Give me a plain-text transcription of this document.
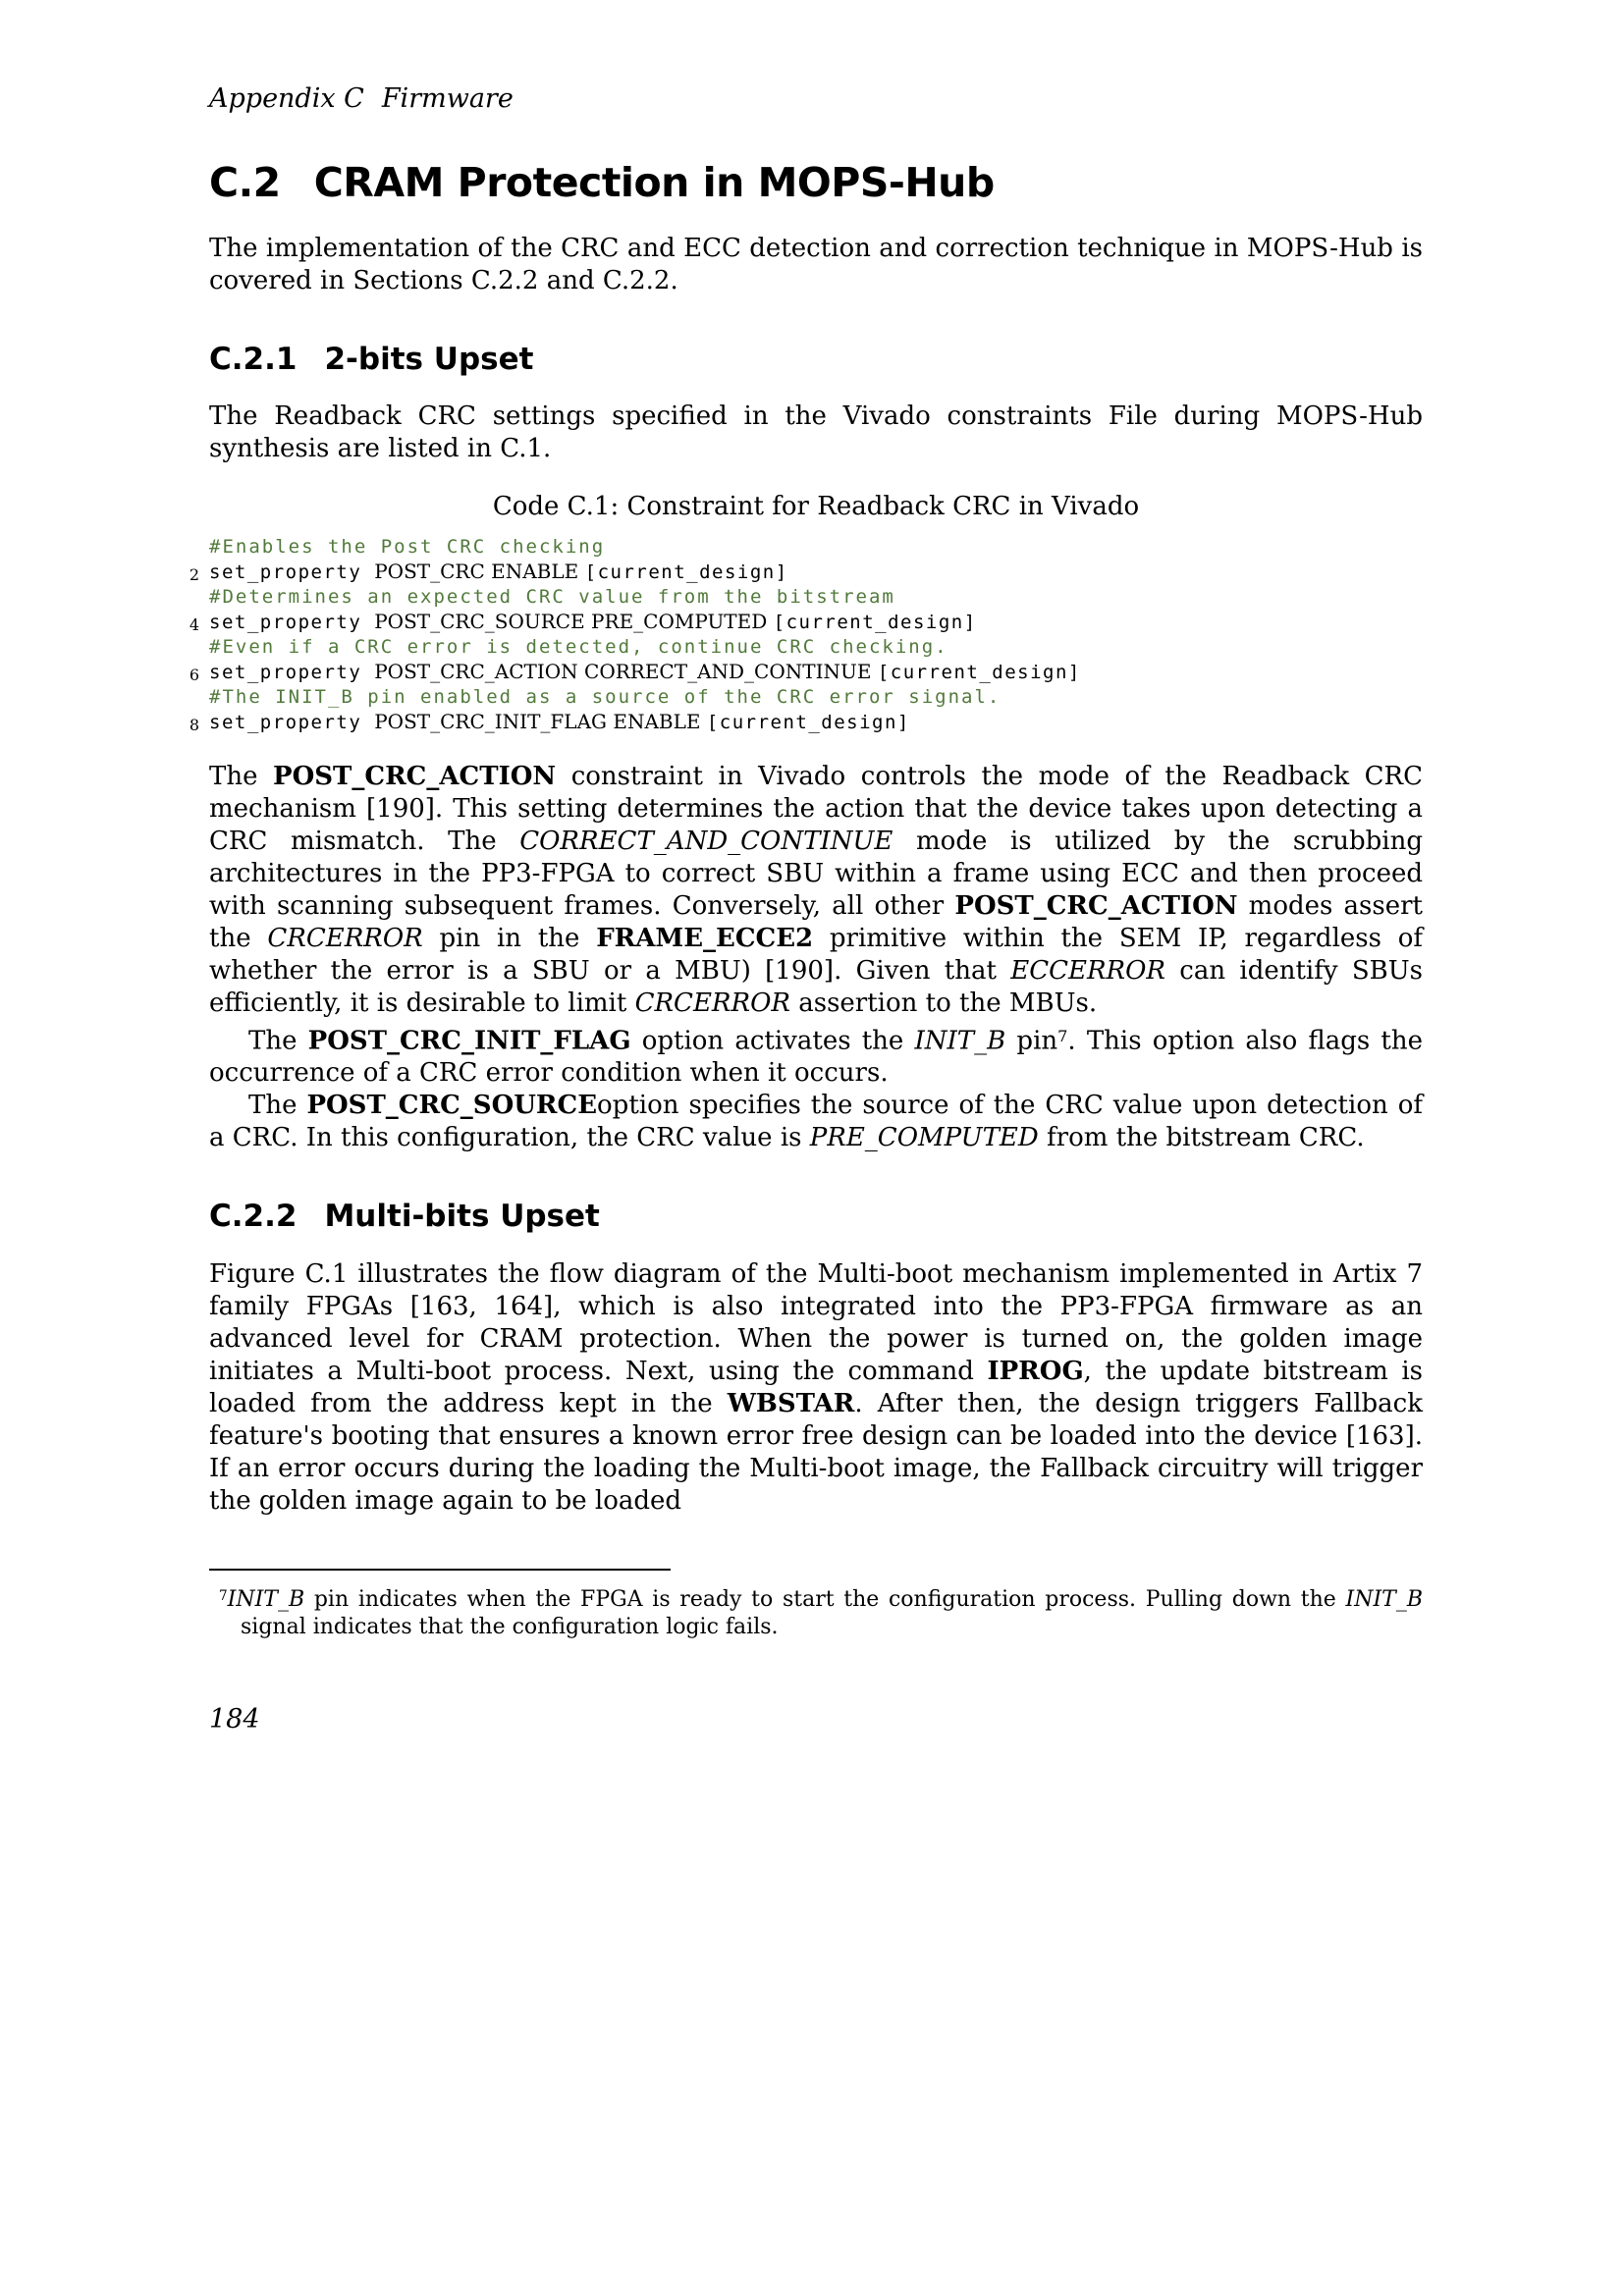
Appendix C Firmware
C.2 CRAM Protection in MOPS-Hub

The implementation of the CRC and ECC detection and correction technique in MOPS-Hub is covered in Sections C.2.2 and C.2.2.

C.2.1 2-bits Upset

The Readback CRC settings specified in the Vivado constraints File during MOPS-Hub synthesis are listed in C.1.

Code C.1: Constraint for Readback CRC in Vivado
#Enables the Post CRC checking
2 set_property POST_CRC ENABLE [current_design]
#Determines an expected CRC value from the bitstream
4 set_property POST_CRC_SOURCE PRE_COMPUTED [current_design]
#Even if a CRC error is detected, continue CRC checking.
6 set_property POST_CRC_ACTION CORRECT_AND_CONTINUE [current_design]
#The INIT_B pin enabled as a source of the CRC error signal.
8 set_property POST_CRC_INIT_FLAG ENABLE [current_design]

The POST_CRC_ACTION constraint in Vivado controls the mode of the Readback CRC mechanism [190]. This setting determines the action that the device takes upon detecting a CRC mismatch. The CORRECT_AND_CONTINUE mode is utilized by the scrubbing architectures in the PP3-FPGA to correct SBU within a frame using ECC and then proceed with scanning subsequent frames. Conversely, all other POST_CRC_ACTION modes assert the CRCERROR pin in the FRAME_ECCE2 primitive within the SEM IP, regardless of whether the error is a SBU or a MBU) [190]. Given that ECCERROR can identify SBUs efficiently, it is desirable to limit CRCERROR assertion to the MBUs.

The POST_CRC_INIT_FLAG option activates the INIT_B pin$^7$. This option also flags the occurrence of a CRC error condition when it occurs.

The POST_CRC_SOURCEoption specifies the source of the CRC value upon detection of a CRC. In this configuration, the CRC value is PRE_COMPUTED from the bitstream CRC.

C.2.2 Multi-bits Upset

Figure C.1 illustrates the flow diagram of the Multi-boot mechanism implemented in Artix 7 family FPGAs [163, 164], which is also integrated into the PP3-FPGA firmware as an advanced level for CRAM protection. When the power is turned on, the golden image initiates a Multi-boot process. Next, using the command IPROG, the update bitstream is loaded from the address kept in the WBSTAR. After then, the design triggers Fallback feature's booting that ensures a known error free design can be loaded into the device [163]. If an error occurs during the loading the Multi-boot image, the Fallback circuitry will trigger the golden image again to be loaded

$^7$INIT_B pin indicates when the FPGA is ready to start the configuration process. Pulling down the INIT_B signal indicates that the configuration logic fails.

184
